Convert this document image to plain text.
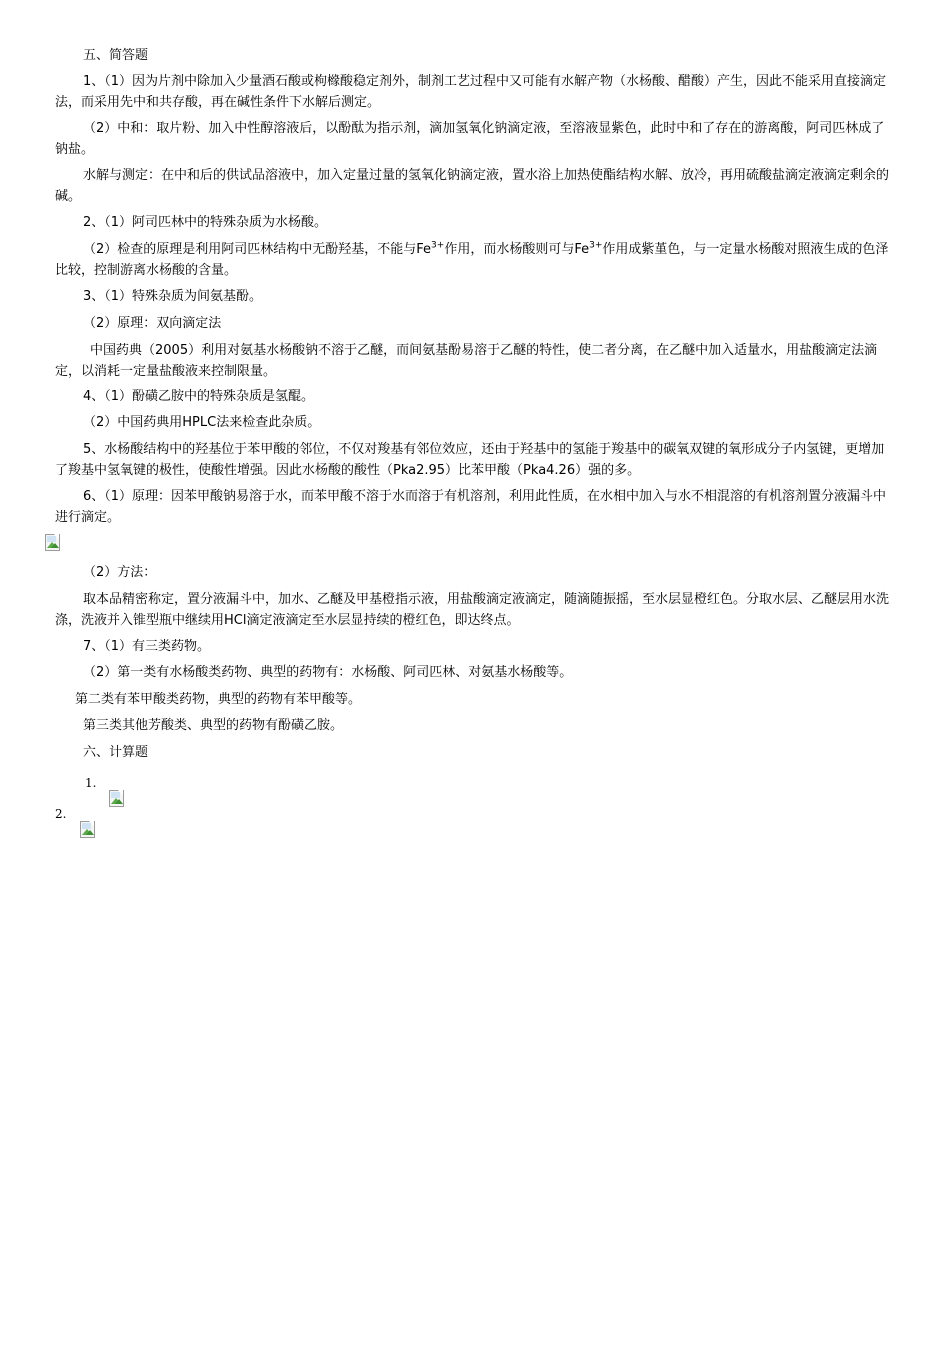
五、简答题

1、（1）因为片剂中除加入少量酒石酸或枸橼酸稳定剂外，制剂工艺过程中又可能有水解产物（水杨酸、醋酸）产生，因此不能采用直接滴定法，而采用先中和共存酸，再在碱性条件下水解后测定。

（2）中和：取片粉、加入中性醇溶液后，以酚酞为指示剂，滴加氢氧化钠滴定液，至溶液显紫色，此时中和了存在的游离酸，阿司匹林成了钠盐。

水解与测定：在中和后的供试品溶液中，加入定量过量的氢氧化钠滴定液，置水浴上加热使酯结构水解、放冷，再用硫酸盐滴定液滴定剩余的碱。

2、（1）阿司匹林中的特殊杂质为水杨酸。

（2）检查的原理是利用阿司匹林结构中无酚羟基，不能与$Fe^{3+}$作用，而水杨酸则可与$Fe^{3+}$作用成紫堇色，与一定量水杨酸对照液生成的色泽比较，控制游离水杨酸的含量。

3、（1）特殊杂质为间氨基酚。

（2）原理：双向滴定法

中国药典（2005）利用对氨基水杨酸钠不溶于乙醚，而间氨基酚易溶于乙醚的特性，使二者分离，在乙醚中加入适量水，用盐酸滴定法滴定，以消耗一定量盐酸液来控制限量。

4、（1）酚磺乙胺中的特殊杂质是氢醌。

（2）中国药典用HPLC法来检查此杂质。

5、水杨酸结构中的羟基位于苯甲酸的邻位，不仅对羧基有邻位效应，还由于羟基中的氢能于羧基中的碳氧双键的氧形成分子内氢键，更增加了羧基中氢氧键的极性，使酸性增强。因此水杨酸的酸性（Pka2.95）比苯甲酸（Pka4.26）强的多。

6、（1）原理：因苯甲酸钠易溶于水，而苯甲酸不溶于水而溶于有机溶剂，利用此性质，在水相中加入与水不相混溶的有机溶剂置分液漏斗中进行滴定。

（2）方法：

取本品精密称定，置分液漏斗中，加水、乙醚及甲基橙指示液，用盐酸滴定液滴定，随滴随振摇，至水层显橙红色。分取水层、乙醚层用水洗涤，洗液并入锥型瓶中继续用HCl滴定液滴定至水层显持续的橙红色，即达终点。

7、（1）有三类药物。

（2）第一类有水杨酸类药物、典型的药物有：水杨酸、阿司匹林、对氨基水杨酸等。

第二类有苯甲酸类药物，典型的药物有苯甲酸等。

第三类其他芳酸类、典型的药物有酚磺乙胺。

六、计算题

1.

2.
